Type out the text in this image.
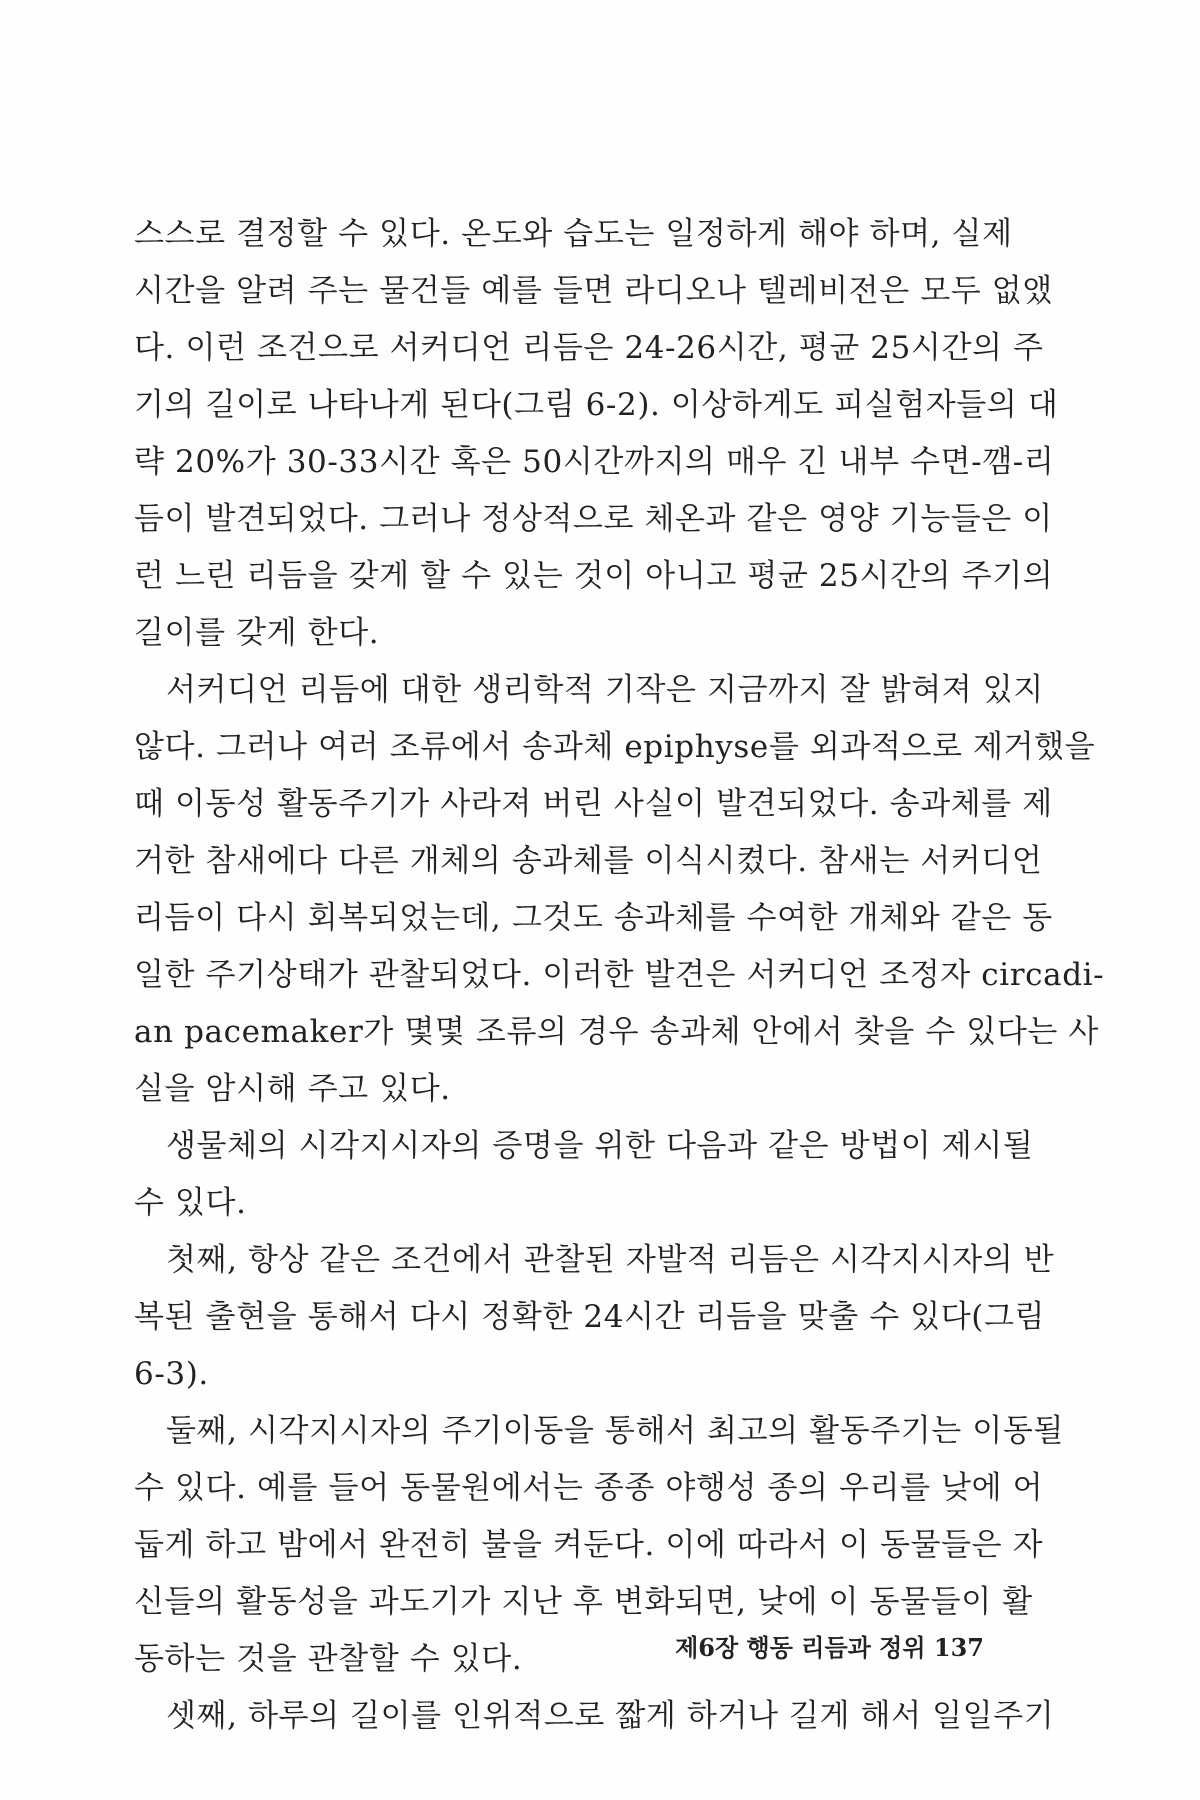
스스로 결정할 수 있다. 온도와 습도는 일정하게 해야 하며, 실제
시간을 알려 주는 물건들 예를 들면 라디오나 텔레비전은 모두 없앴
다. 이런 조건으로 서커디언 리듬은 24-26시간, 평균 25시간의 주
기의 길이로 나타나게 된다(그림 6-2). 이상하게도 피실험자들의 대
략 20%가 30-33시간 혹은 50시간까지의 매우 긴 내부 수면-깸-리
듬이 발견되었다. 그러나 정상적으로 체온과 같은 영양 기능들은 이
런 느린 리듬을 갖게 할 수 있는 것이 아니고 평균 25시간의 주기의
길이를 갖게 한다.
서커디언 리듬에 대한 생리학적 기작은 지금까지 잘 밝혀져 있지
않다. 그러나 여러 조류에서 송과체 epiphyse를 외과적으로 제거했을
때 이동성 활동주기가 사라져 버린 사실이 발견되었다. 송과체를 제
거한 참새에다 다른 개체의 송과체를 이식시켰다. 참새는 서커디언
리듬이 다시 회복되었는데, 그것도 송과체를 수여한 개체와 같은 동
일한 주기상태가 관찰되었다. 이러한 발견은 서커디언 조정자 circadi-
an pacemaker가 몇몇 조류의 경우 송과체 안에서 찾을 수 있다는 사
실을 암시해 주고 있다.
생물체의 시각지시자의 증명을 위한 다음과 같은 방법이 제시될
수 있다.
첫째, 항상 같은 조건에서 관찰된 자발적 리듬은 시각지시자의 반
복된 출현을 통해서 다시 정확한 24시간 리듬을 맞출 수 있다(그림
6-3).
둘째, 시각지시자의 주기이동을 통해서 최고의 활동주기는 이동될
수 있다. 예를 들어 동물원에서는 종종 야행성 종의 우리를 낮에 어
둡게 하고 밤에서 완전히 불을 켜둔다. 이에 따라서 이 동물들은 자
신들의 활동성을 과도기가 지난 후 변화되면, 낮에 이 동물들이 활
동하는 것을 관찰할 수 있다.
셋째, 하루의 길이를 인위적으로 짧게 하거나 길게 해서 일일주기
제6장 행동 리듬과 정위 137
